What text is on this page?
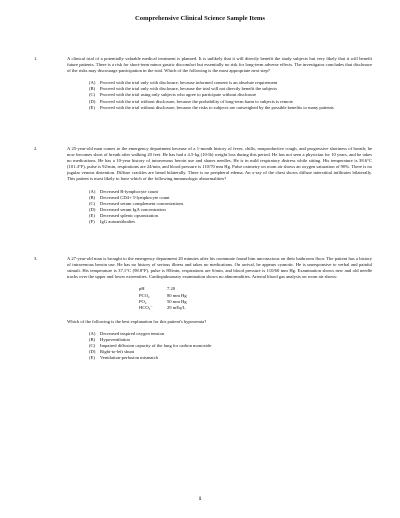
Comprehensive Clinical Science Sample Items
1.	A clinical trial of a potentially valuable medical treatment is planned. It is unlikely that it will directly benefit the study subjects but very likely that it will benefit future patients. There is a risk for short-term minor gastric discomfort but essentially no risk for long-term adverse effects. The investigator concludes that disclosure of the risks may discourage participation in the trial. Which of the following is the most appropriate next step?

(A)	Proceed with the trial only with disclosure, because informed consent is an absolute requirement
(B)	Proceed with the trial only with disclosure, because the trial will not directly benefit the subjects
(C)	Proceed with the trial using only subjects who agree to participate without disclosure
(D)	Proceed with the trial without disclosure, because the probability of long-term harm to subjects is remote
(E)	Proceed with the trial without disclosure, because the risks to subjects are outweighed by the possible benefits to many patients
2.	A 25-year-old man comes to the emergency department because of a 1-month history of fever, chills, nonproductive cough, and progressive shortness of breath; he now becomes short of breath after walking 20 feet. He has had a 4.5-kg (10-lb) weight loss during this period. He has not seen a physician for 10 years, and he takes no medications. He has a 10-year history of intravenous heroin use and shares needles. He is in mild respiratory distress while sitting. His temperature is 38.6°C (101.4°F), pulse is 92/min, respirations are 24/min, and blood pressure is 110/70 mm Hg. Pulse oximetry on room air shows an oxygen saturation of 90%. There is no jugular venous distention. Diffuse crackles are heard bilaterally. There is no peripheral edema. An x-ray of the chest shows diffuse interstitial infiltrates bilaterally. This patient is most likely to have which of the following immunologic abnormalities?

(A)	Decreased B-lymphocyte count
(B)	Decreased CD4+ T-lymphocyte count
(C)	Decreased serum complement concentrations
(D)	Decreased serum IgA concentration
(E)	Decreased splenic opsonization
(F)	IgG autoantibodies
3.	A 27-year-old man is brought to the emergency department 20 minutes after his roommate found him unconscious on their bathroom floor. The patient has a history of intravenous heroin use. He has no history of serious illness and takes no medications. On arrival, he appears cyanotic. He is unresponsive to verbal and painful stimuli. His temperature is 37.1°C (98.8°F), pulse is 80/min, respirations are 6/min, and blood pressure is 110/60 mm Hg. Examination shows new and old needle tracks over the upper and lower extremities. Cardiopulmonary examination shows no abnormalities. Arterial blood gas analysis on room air shows:

pH	7.20
PCO₂	80 mm Hg
PO₂	50 mm Hg
HCO₃⁻	29 mEq/L
Which of the following is the best explanation for this patient's hypoxemia?
(A)	Decreased inspired oxygen tension
(B)	Hypoventilation
(C)	Impaired diffusion capacity of the lung for carbon monoxide
(D)	Right-to-left shunt
(E)	Ventilation-perfusion mismatch
1
